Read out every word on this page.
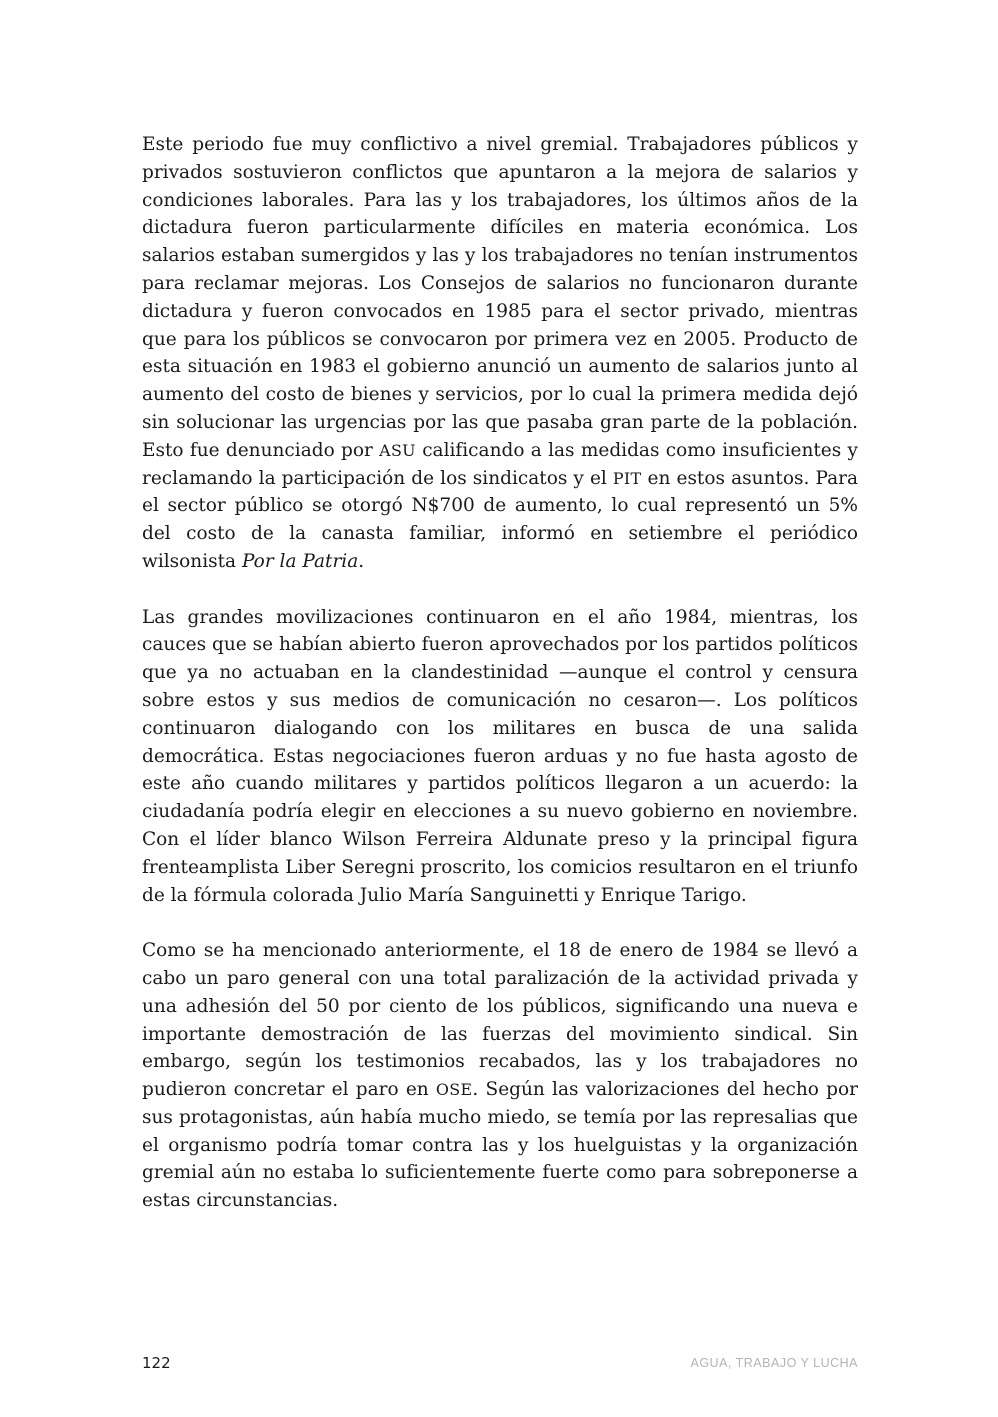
Este periodo fue muy conflictivo a nivel gremial. Trabajadores públicos y privados sostuvieron conflictos que apuntaron a la mejora de salarios y condiciones laborales. Para las y los trabajadores, los últimos años de la dictadura fueron particularmente difíciles en materia económica. Los salarios estaban sumergidos y las y los trabajadores no tenían instrumentos para reclamar mejoras. Los Consejos de salarios no funcionaron durante dictadura y fueron convocados en 1985 para el sector privado, mientras que para los públicos se convocaron por primera vez en 2005. Producto de esta situación en 1983 el gobierno anunció un aumento de salarios junto al aumento del costo de bienes y servicios, por lo cual la primera medida dejó sin solucionar las urgencias por las que pasaba gran parte de la población. Esto fue denunciado por ASU calificando a las medidas como insuficientes y reclamando la participación de los sindicatos y el PIT en estos asuntos. Para el sector público se otorgó N$700 de aumento, lo cual representó un 5% del costo de la canasta familiar, informó en setiembre el periódico wilsonista Por la Patria.

Las grandes movilizaciones continuaron en el año 1984, mientras, los cauces que se habían abierto fueron aprovechados por los partidos políticos que ya no actuaban en la clandestinidad —aunque el control y censura sobre estos y sus medios de comunicación no cesaron—. Los políticos continuaron dialogando con los militares en busca de una salida democrática. Estas negociaciones fueron arduas y no fue hasta agosto de este año cuando militares y partidos políticos llegaron a un acuerdo: la ciudadanía podría elegir en elecciones a su nuevo gobierno en noviembre. Con el líder blanco Wilson Ferreira Aldunate preso y la principal figura frenteamplista Liber Seregni proscrito, los comicios resultaron en el triunfo de la fórmula colorada Julio María Sanguinetti y Enrique Tarigo.

Como se ha mencionado anteriormente, el 18 de enero de 1984 se llevó a cabo un paro general con una total paralización de la actividad privada y una adhesión del 50 por ciento de los públicos, significando una nueva e importante demostración de las fuerzas del movimiento sindical. Sin embargo, según los testimonios recabados, las y los trabajadores no pudieron concretar el paro en OSE. Según las valorizaciones del hecho por sus protagonistas, aún había mucho miedo, se temía por las represalias que el organismo podría tomar contra las y los huelguistas y la organización gremial aún no estaba lo suficientemente fuerte como para sobreponerse a estas circunstancias.

122	AGUA, TRABAJO Y LUCHA
